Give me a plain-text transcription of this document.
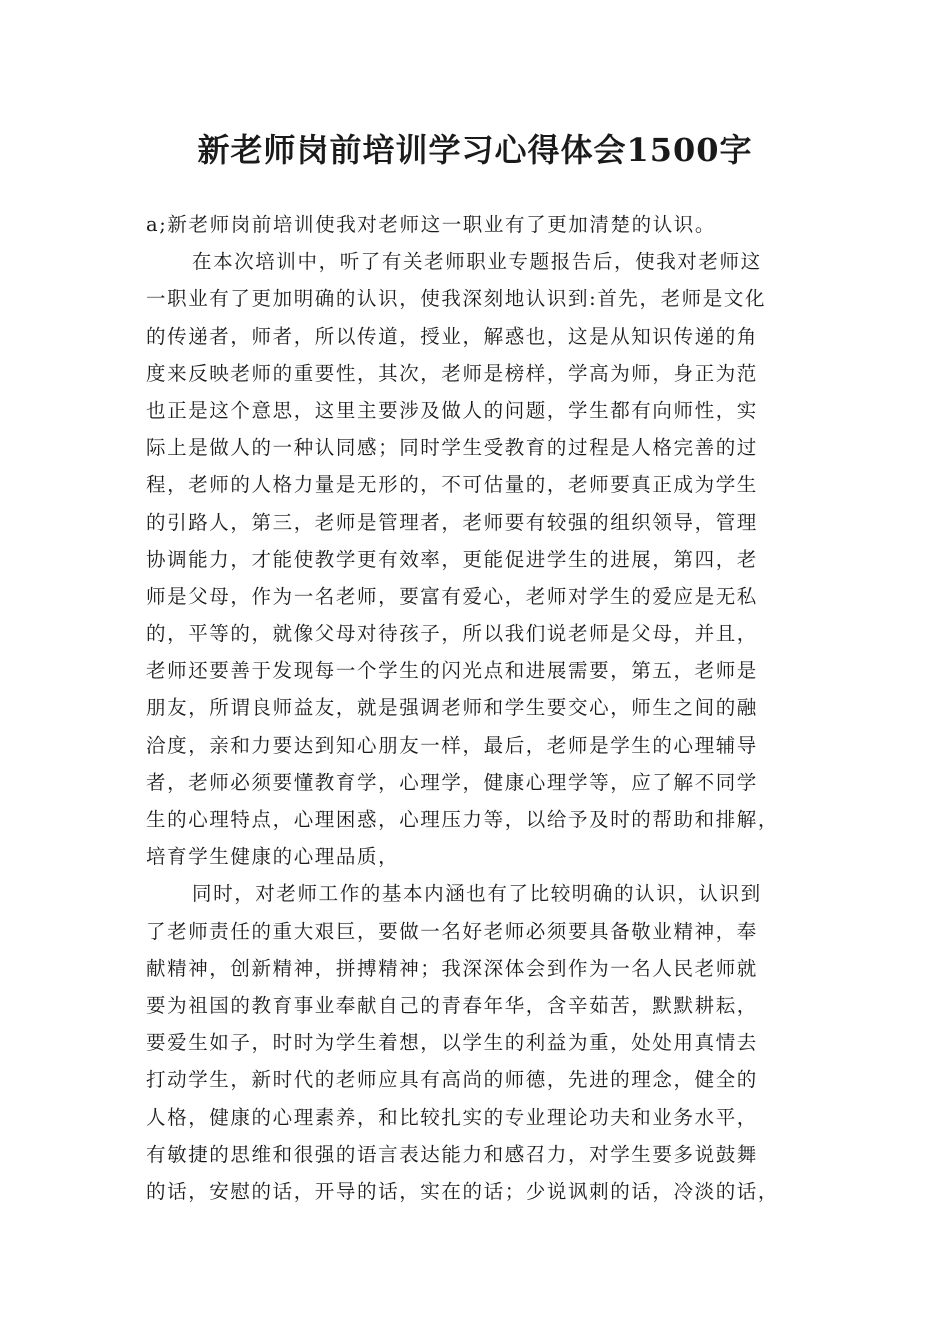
新老师岗前培训学习心得体会1500字
a;新老师岗前培训使我对老师这一职业有了更加清楚的认识。
在本次培训中，听了有关老师职业专题报告后，使我对老师这
一职业有了更加明确的认识，使我深刻地认识到:首先，老师是文化
的传递者，师者，所以传道，授业，解惑也，这是从知识传递的角
度来反映老师的重要性，其次，老师是榜样，学高为师，身正为范
也正是这个意思，这里主要涉及做人的问题，学生都有向师性，实
际上是做人的一种认同感；同时学生受教育的过程是人格完善的过
程，老师的人格力量是无形的，不可估量的，老师要真正成为学生
的引路人，第三，老师是管理者，老师要有较强的组织领导，管理
协调能力，才能使教学更有效率，更能促进学生的进展，第四，老
师是父母，作为一名老师，要富有爱心，老师对学生的爱应是无私
的，平等的，就像父母对待孩子，所以我们说老师是父母，并且，
老师还要善于发现每一个学生的闪光点和进展需要，第五，老师是
朋友，所谓良师益友，就是强调老师和学生要交心，师生之间的融
洽度，亲和力要达到知心朋友一样，最后，老师是学生的心理辅导
者，老师必须要懂教育学，心理学，健康心理学等，应了解不同学
生的心理特点，心理困惑，心理压力等，以给予及时的帮助和排解，
培育学生健康的心理品质，
同时，对老师工作的基本内涵也有了比较明确的认识，认识到
了老师责任的重大艰巨，要做一名好老师必须要具备敬业精神，奉
献精神，创新精神，拼搏精神；我深深体会到作为一名人民老师就
要为祖国的教育事业奉献自己的青春年华，含辛茹苦，默默耕耘，
要爱生如子，时时为学生着想，以学生的利益为重，处处用真情去
打动学生，新时代的老师应具有高尚的师德，先进的理念，健全的
人格，健康的心理素养，和比较扎实的专业理论功夫和业务水平，
有敏捷的思维和很强的语言表达能力和感召力，对学生要多说鼓舞
的话，安慰的话，开导的话，实在的话；少说讽刺的话，冷淡的话，
